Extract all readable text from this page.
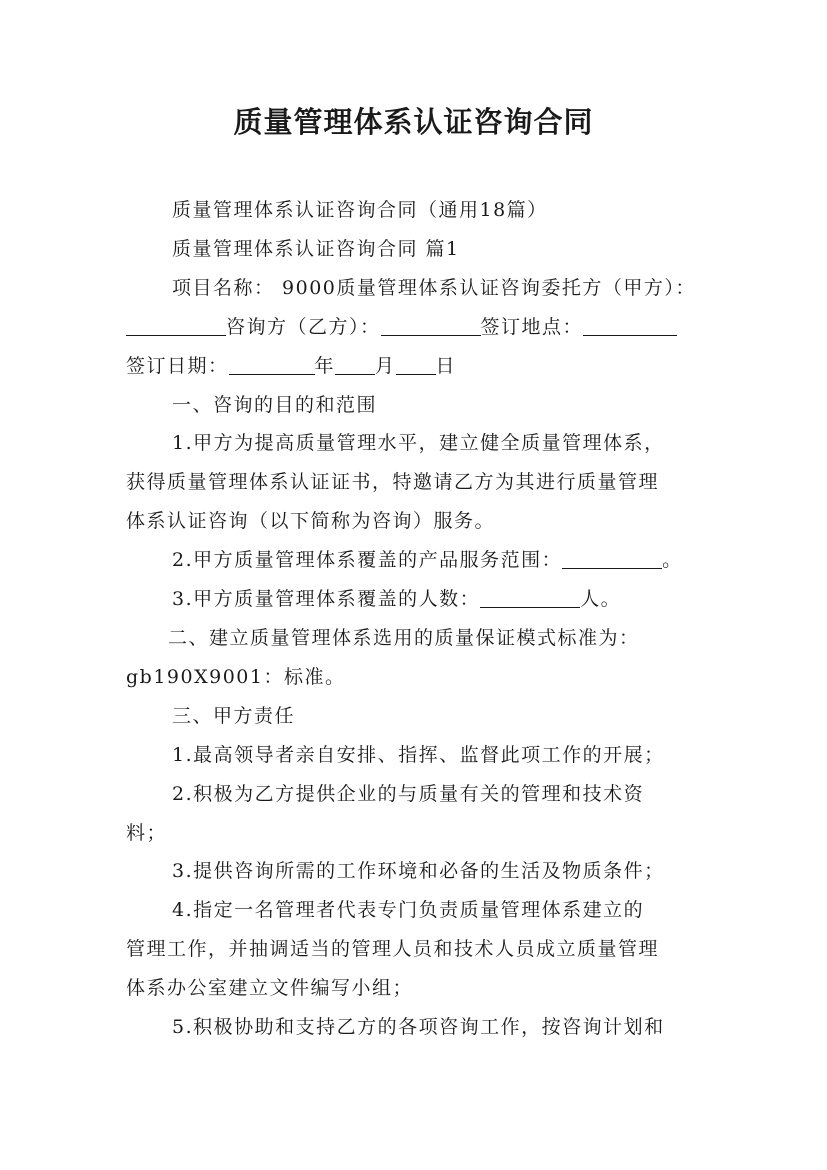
质量管理体系认证咨询合同

质量管理体系认证咨询合同（通用18篇）

质量管理体系认证咨询合同 篇1

项目名称： 9000质量管理体系认证咨询委托方（甲方）：

咨询方（乙方）：	签订地点：

签订日期：	年 月 日

一、咨询的目的和范围

1.甲方为提高质量管理水平，建立健全质量管理体系，

获得质量管理体系认证证书，特邀请乙方为其进行质量管理

体系认证咨询（以下简称为咨询）服务。

2.甲方质量管理体系覆盖的产品服务范围：	。

3.甲方质量管理体系覆盖的人数：	人。

二、建立质量管理体系选用的质量保证模式标准为：

gb190X9001：标准。

三、甲方责任

1.最高领导者亲自安排、指挥、监督此项工作的开展；

2.积极为乙方提供企业的与质量有关的管理和技术资

料；

3.提供咨询所需的工作环境和必备的生活及物质条件；

4.指定一名管理者代表专门负责质量管理体系建立的

管理工作，并抽调适当的管理人员和技术人员成立质量管理

体系办公室建立文件编写小组；

5.积极协助和支持乙方的各项咨询工作，按咨询计划和
